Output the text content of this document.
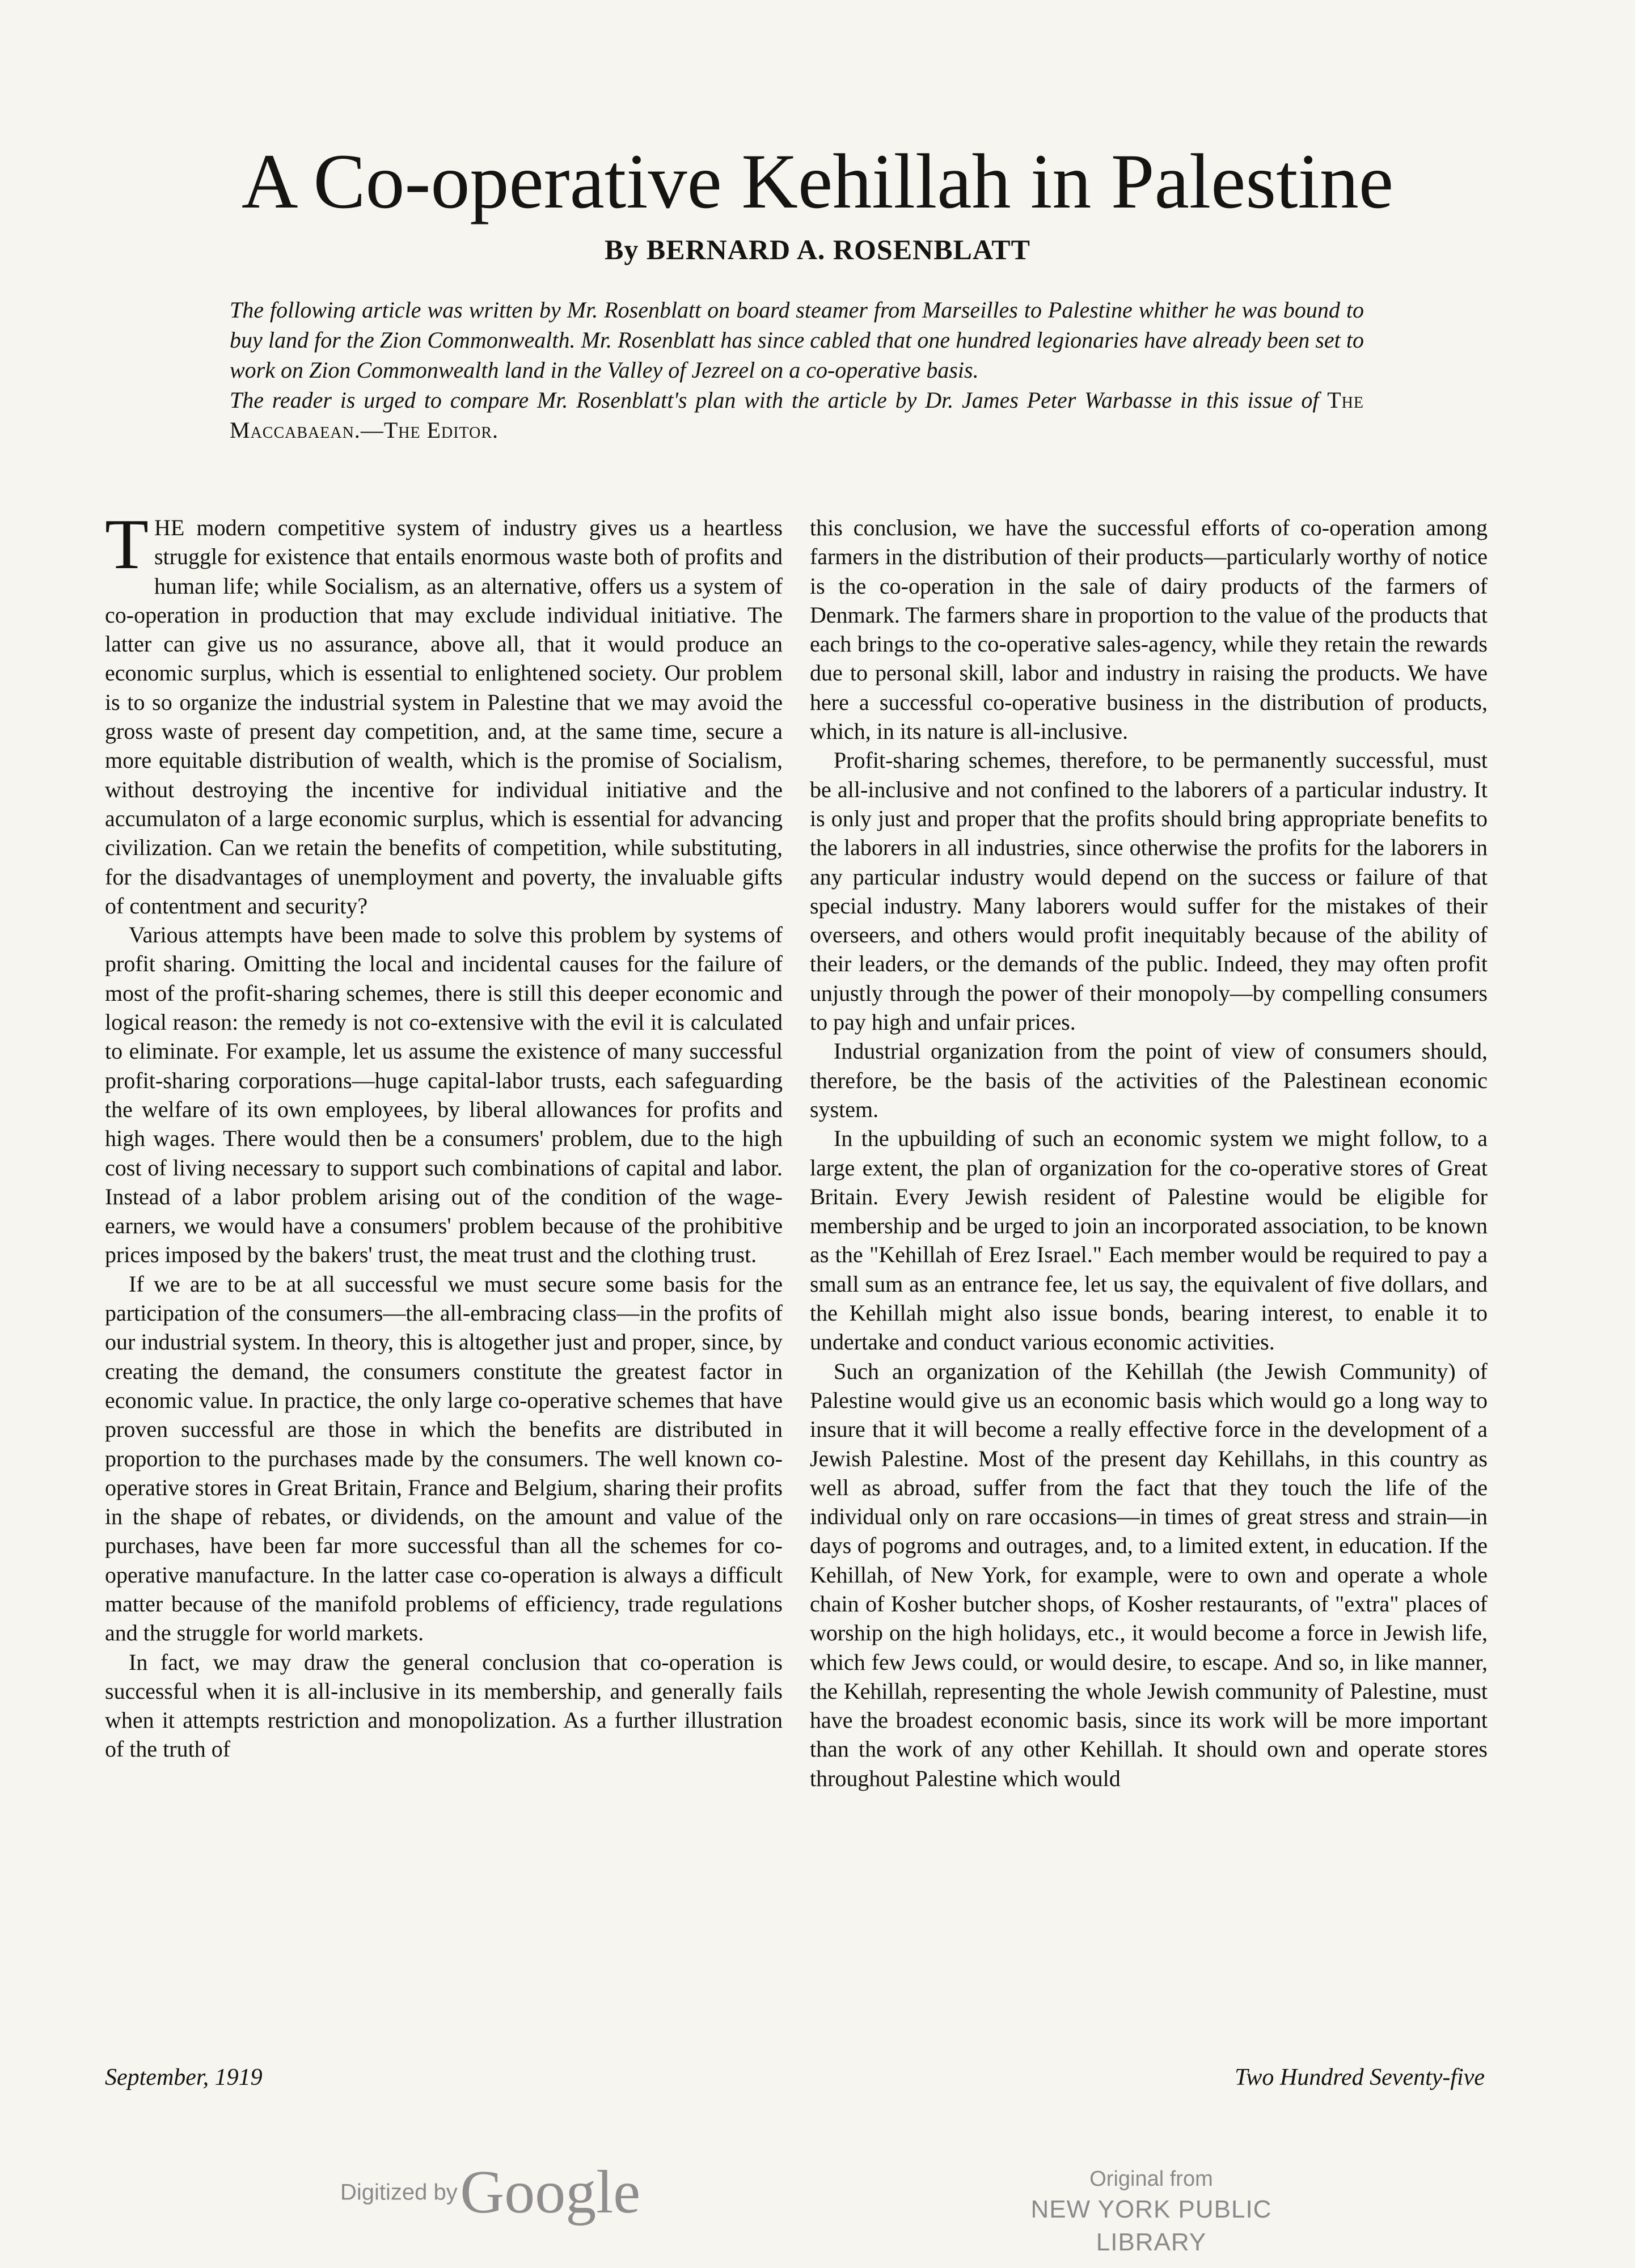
A Co-operative Kehillah in Palestine
By BERNARD A. ROSENBLATT

The following article was written by Mr. Rosenblatt on board steamer from Marseilles to Palestine whither he was bound to buy land for the Zion Commonwealth. Mr. Rosenblatt has since cabled that one hundred legionaries have already been set to work on Zion Commonwealth land in the Valley of Jezreel on a co-operative basis.

The reader is urged to compare Mr. Rosenblatt's plan with the article by Dr. James Peter Warbasse in this issue of The Maccabaean.—The Editor.

THE modern competitive system of industry gives us a heartless struggle for existence that entails enormous waste both of profits and human life; while Socialism, as an alternative, offers us a system of co-operation in production that may exclude individual initiative. The latter can give us no assurance, above all, that it would produce an economic surplus, which is essential to enlightened society. Our problem is to so organize the industrial system in Palestine that we may avoid the gross waste of present day competition, and, at the same time, secure a more equitable distribution of wealth, which is the promise of Socialism, without destroying the incentive for individual initiative and the accumulaton of a large economic surplus, which is essential for advancing civilization. Can we retain the benefits of competition, while substituting, for the disadvantages of unemployment and poverty, the invaluable gifts of contentment and security?

Various attempts have been made to solve this problem by systems of profit sharing. Omitting the local and incidental causes for the failure of most of the profit-sharing schemes, there is still this deeper economic and logical reason: the remedy is not co-extensive with the evil it is calculated to eliminate. For example, let us assume the existence of many successful profit-sharing corporations—huge capital-labor trusts, each safeguarding the welfare of its own employees, by liberal allowances for profits and high wages. There would then be a consumers' problem, due to the high cost of living necessary to support such combinations of capital and labor. Instead of a labor problem arising out of the condition of the wage-earners, we would have a consumers' problem because of the prohibitive prices imposed by the bakers' trust, the meat trust and the clothing trust.

If we are to be at all successful we must secure some basis for the participation of the consumers—the all-embracing class—in the profits of our industrial system. In theory, this is altogether just and proper, since, by creating the demand, the consumers constitute the greatest factor in economic value. In practice, the only large co-operative schemes that have proven successful are those in which the benefits are distributed in proportion to the purchases made by the consumers. The well known co-operative stores in Great Britain, France and Belgium, sharing their profits in the shape of rebates, or dividends, on the amount and value of the purchases, have been far more successful than all the schemes for co-operative manufacture. In the latter case co-operation is always a difficult matter because of the manifold problems of efficiency, trade regulations and the struggle for world markets.

In fact, we may draw the general conclusion that co-operation is successful when it is all-inclusive in its membership, and generally fails when it attempts restriction and monopolization. As a further illustration of the truth of

this conclusion, we have the successful efforts of co-operation among farmers in the distribution of their products—particularly worthy of notice is the co-operation in the sale of dairy products of the farmers of Denmark. The farmers share in proportion to the value of the products that each brings to the co-operative sales-agency, while they retain the rewards due to personal skill, labor and industry in raising the products. We have here a successful co-operative business in the distribution of products, which, in its nature is all-inclusive.

Profit-sharing schemes, therefore, to be permanently successful, must be all-inclusive and not confined to the laborers of a particular industry. It is only just and proper that the profits should bring appropriate benefits to the laborers in all industries, since otherwise the profits for the laborers in any particular industry would depend on the success or failure of that special industry. Many laborers would suffer for the mistakes of their overseers, and others would profit inequitably because of the ability of their leaders, or the demands of the public. Indeed, they may often profit unjustly through the power of their monopoly—by compelling consumers to pay high and unfair prices.

Industrial organization from the point of view of consumers should, therefore, be the basis of the activities of the Palestinean economic system.

In the upbuilding of such an economic system we might follow, to a large extent, the plan of organization for the co-operative stores of Great Britain. Every Jewish resident of Palestine would be eligible for membership and be urged to join an incorporated association, to be known as the "Kehillah of Erez Israel." Each member would be required to pay a small sum as an entrance fee, let us say, the equivalent of five dollars, and the Kehillah might also issue bonds, bearing interest, to enable it to undertake and conduct various economic activities.

Such an organization of the Kehillah (the Jewish Community) of Palestine would give us an economic basis which would go a long way to insure that it will become a really effective force in the development of a Jewish Palestine. Most of the present day Kehillahs, in this country as well as abroad, suffer from the fact that they touch the life of the individual only on rare occasions—in times of great stress and strain—in days of pogroms and outrages, and, to a limited extent, in education. If the Kehillah, of New York, for example, were to own and operate a whole chain of Kosher butcher shops, of Kosher restaurants, of "extra" places of worship on the high holidays, etc., it would become a force in Jewish life, which few Jews could, or would desire, to escape. And so, in like manner, the Kehillah, representing the whole Jewish community of Palestine, must have the broadest economic basis, since its work will be more important than the work of any other Kehillah. It should own and operate stores throughout Palestine which would

September, 1919	Two Hundred Seventy-five
Digitized by Google	Original from
NEW YORK PUBLIC LIBRARY
